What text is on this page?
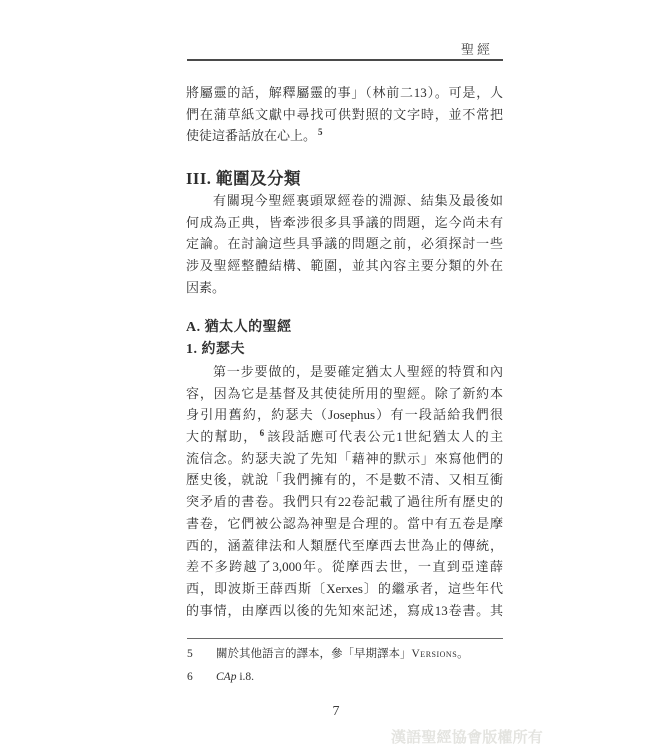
聖經
將屬靈的話，解釋屬靈的事」（林前二13）。可是，人
們在蒲草紙文獻中尋找可供對照的文字時，並不常把
使徒這番話放在心上。 $^5$
III. 範圍及分類
有關現今聖經裏頭眾經卷的淵源、結集及最後如
何成為正典，皆牽涉很多具爭議的問題，迄今尚未有
定論。在討論這些具爭議的問題之前，必須探討一些
涉及聖經整體結構、範圍，並其內容主要分類的外在
因素。
A. 猶太人的聖經
1. 約瑟夫
第一步要做的，是要確定猶太人聖經的特質和內
容，因為它是基督及其使徒所用的聖經。除了新約本
身引用舊約，約瑟夫（Josephus）有一段話給我們很
大的幫助， $^6$ 該段話應可代表公元1世紀猶太人的主
流信念。約瑟夫說了先知「藉神的默示」來寫他們的
歷史後，就說「我們擁有的，不是數不清、又相互衝
突矛盾的書卷。我們只有22卷記載了過往所有歷史的
書卷，它們被公認為神聖是合理的。當中有五卷是摩
西的，涵蓋律法和人類歷代至摩西去世為止的傳統，
差不多跨越了3,000年。從摩西去世，一直到亞達薛
西，即波斯王薛西斯〔Xerxes〕的繼承者，這些年代
的事情，由摩西以後的先知來記述，寫成13卷書。其
5	關於其他語言的譯本，參「早期譯本」Versions。
6	CAp i.8.
7
漢語聖經協會版權所有
